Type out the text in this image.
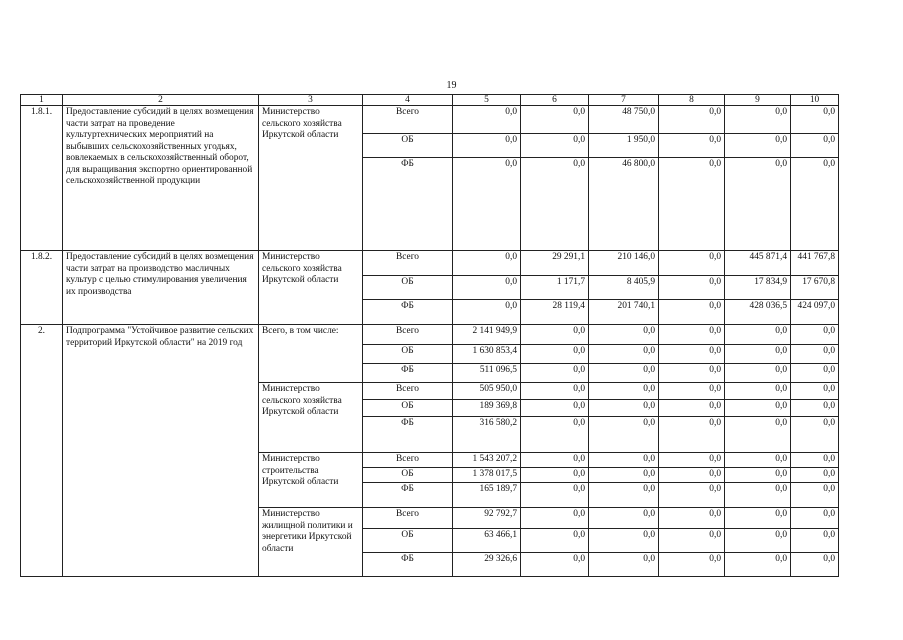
19
1	2	3	4	5	6	7	8	9	10
1.8.1.	Предоставление субсидий в целях возмещения части затрат на проведение культуртехнических мероприятий на выбывших сельскохозяйственных угодьях, вовлекаемых в сельскохозяйственный оборот, для выращивания экспортно ориентированной сельскохозяйственной продукции	Министерство сельского хозяйства Иркутской области	Всего	0,0	0,0	48 750,0	0,0	0,0	0,0
			ОБ	0,0	0,0	1 950,0	0,0	0,0	0,0
			ФБ	0,0	0,0	46 800,0	0,0	0,0	0,0
1.8.2.	Предоставление субсидий в целях возмещения части затрат на производство масличных культур с целью стимулирования увеличения их производства	Министерство сельского хозяйства Иркутской области	Всего	0,0	29 291,1	210 146,0	0,0	445 871,4	441 767,8
			ОБ	0,0	1 171,7	8 405,9	0,0	17 834,9	17 670,8
			ФБ	0,0	28 119,4	201 740,1	0,0	428 036,5	424 097,0
2.	Подпрограмма "Устойчивое развитие сельских территорий Иркутской области" на 2019 год	Всего, в том числе:	Всего	2 141 949,9	0,0	0,0	0,0	0,0	0,0
			ОБ	1 630 853,4	0,0	0,0	0,0	0,0	0,0
			ФБ	511 096,5	0,0	0,0	0,0	0,0	0,0
		Министерство сельского хозяйства Иркутской области	Всего	505 950,0	0,0	0,0	0,0	0,0	0,0
			ОБ	189 369,8	0,0	0,0	0,0	0,0	0,0
			ФБ	316 580,2	0,0	0,0	0,0	0,0	0,0
		Министерство строительства Иркутской области	Всего	1 543 207,2	0,0	0,0	0,0	0,0	0,0
			ОБ	1 378 017,5	0,0	0,0	0,0	0,0	0,0
			ФБ	165 189,7	0,0	0,0	0,0	0,0	0,0
		Министерство жилищной политики и энергетики Иркутской области	Всего	92 792,7	0,0	0,0	0,0	0,0	0,0
			ОБ	63 466,1	0,0	0,0	0,0	0,0	0,0
			ФБ	29 326,6	0,0	0,0	0,0	0,0	0,0
